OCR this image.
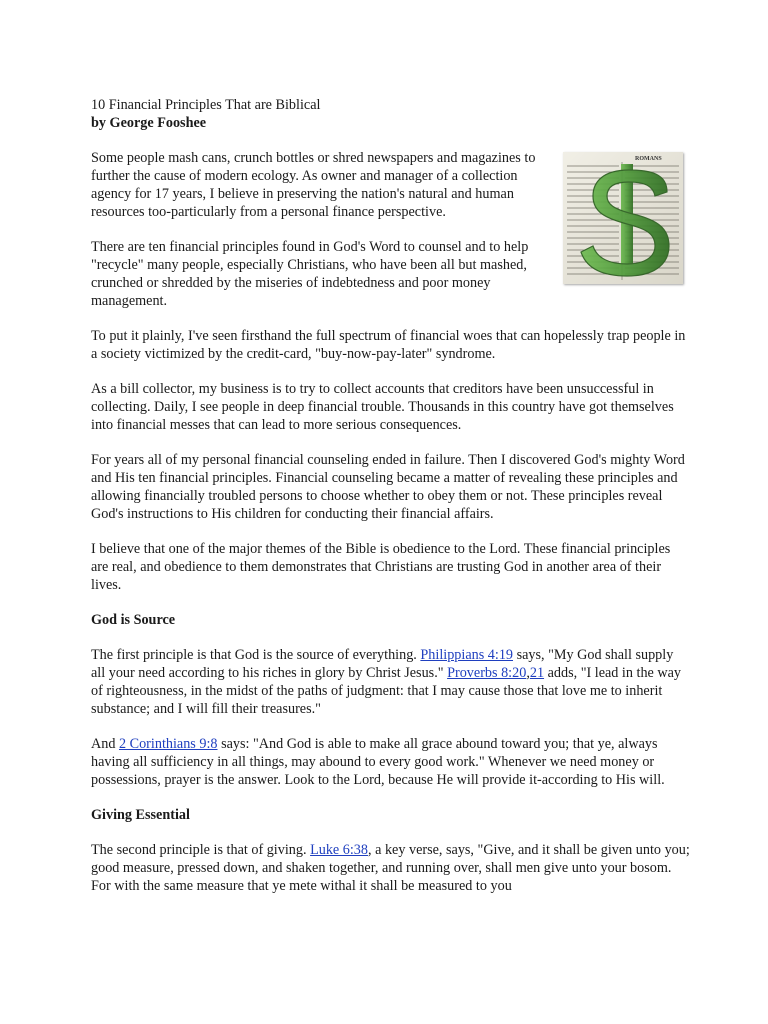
10 Financial Principles That are Biblical

by George Fooshee

Some people mash cans, crunch bottles or shred newspapers and magazines to further the cause of modern ecology. As owner and manager of a collection agency for 17 years, I believe in preserving the nation's natural and human resources too-particularly from a personal finance perspective.

There are ten financial principles found in God's Word to counsel and to help "recycle" many people, especially Christians, who have been all but mashed, crunched or shredded by the miseries of indebtedness and poor money management.

ROMANS

To put it plainly, I've seen firsthand the full spectrum of financial woes that can hopelessly trap people in a society victimized by the credit-card, "buy-now-pay-later" syndrome.

As a bill collector, my business is to try to collect accounts that creditors have been unsuccessful in collecting. Daily, I see people in deep financial trouble. Thousands in this country have got themselves into financial messes that can lead to more serious consequences.

For years all of my personal financial counseling ended in failure. Then I discovered God's mighty Word and His ten financial principles. Financial counseling became a matter of revealing these principles and allowing financially troubled persons to choose whether to obey them or not. These principles reveal God's instructions to His children for conducting their financial affairs.

I believe that one of the major themes of the Bible is obedience to the Lord. These financial principles are real, and obedience to them demonstrates that Christians are trusting God in another area of their lives.

God is Source

The first principle is that God is the source of everything. Philippians 4:19 says, "My God shall supply all your need according to his riches in glory by Christ Jesus." Proverbs 8:20,21 adds, "I lead in the way of righteousness, in the midst of the paths of judgment: that I may cause those that love me to inherit substance; and I will fill their treasures."

And 2 Corinthians 9:8 says: "And God is able to make all grace abound toward you; that ye, always having all sufficiency in all things, may abound to every good work." Whenever we need money or possessions, prayer is the answer. Look to the Lord, because He will provide it-according to His will.

Giving Essential

The second principle is that of giving. Luke 6:38, a key verse, says, "Give, and it shall be given unto you; good measure, pressed down, and shaken together, and running over, shall men give unto your bosom. For with the same measure that ye mete withal it shall be measured to you
